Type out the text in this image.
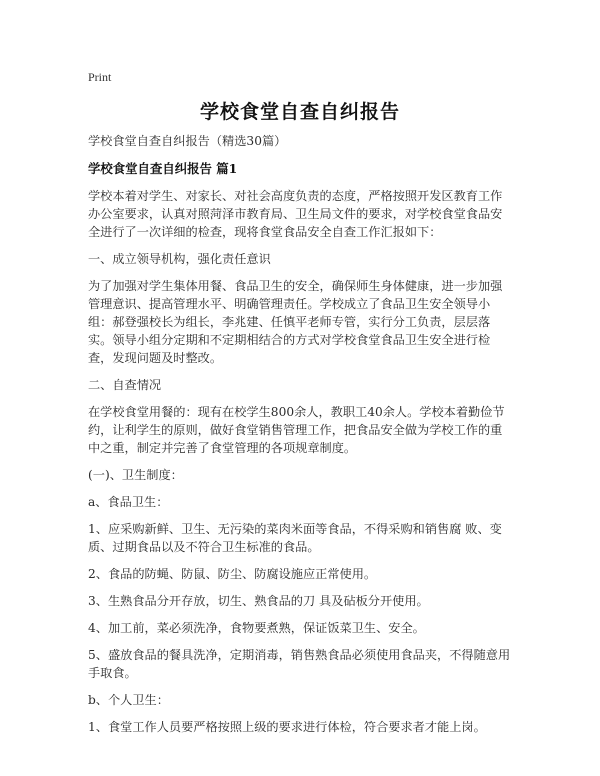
Print
学校食堂自查自纠报告

学校食堂自查自纠报告（精选30篇）

学校食堂自查自纠报告 篇1

学校本着对学生、对家长、对社会高度负责的态度，严格按照开发区教育工作办公室要求，认真对照菏泽市教育局、卫生局文件的要求，对学校食堂食品安全进行了一次详细的检查，现将食堂食品安全自查工作汇报如下：

一、成立领导机构，强化责任意识

为了加强对学生集体用餐、食品卫生的安全，确保师生身体健康，进一步加强管理意识、提高管理水平、明确管理责任。学校成立了食品卫生安全领导小组：郝登强校长为组长，李兆建、任慎平老师专管，实行分工负责，层层落实。领导小组分定期和不定期相结合的方式对学校食堂食品卫生安全进行检查，发现问题及时整改。

二、自查情况

在学校食堂用餐的：现有在校学生800余人，教职工40余人。学校本着勤俭节约，让利学生的原则，做好食堂销售管理工作，把食品安全做为学校工作的重中之重，制定并完善了食堂管理的各项规章制度。

(一)、卫生制度：

a、食品卫生：

1、应采购新鲜、卫生、无污染的菜肉米面等食品，不得采购和销售腐 败、变质、过期食品以及不符合卫生标准的食品。

2、食品的防蝇、防鼠、防尘、防腐设施应正常使用。

3、生熟食品分开存放，切生、熟食品的刀 具及砧板分开使用。

4、加工前，菜必须洗净，食物要煮熟，保证饭菜卫生、安全。

5、盛放食品的餐具洗净，定期消毒，销售熟食品必须使用食品夹，不得随意用手取食。

b、个人卫生：

1、食堂工作人员要严格按照上级的要求进行体检，符合要求者才能上岗。
